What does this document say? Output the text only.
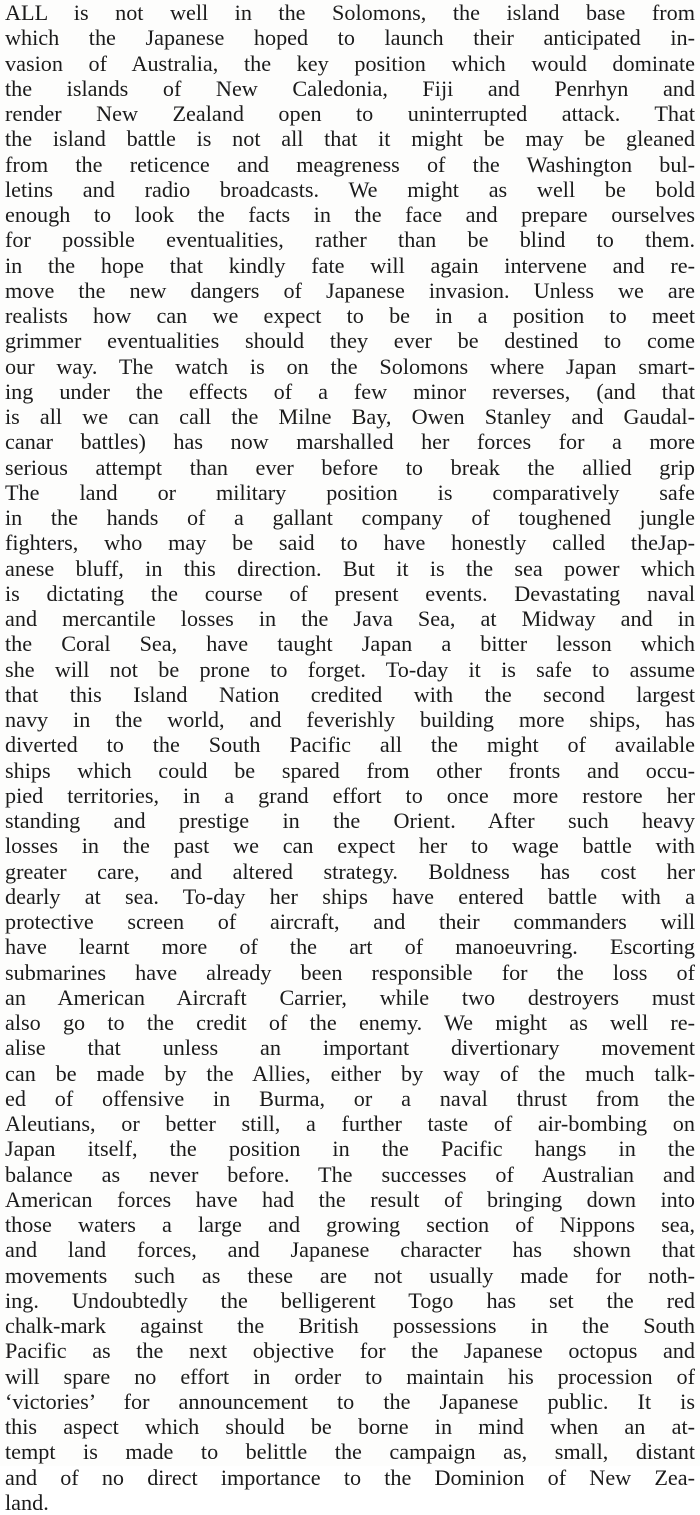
ALL is not well in the Solomons, the island base from
which the Japanese hoped to launch their anticipated in-
vasion of Australia, the key position which would dominate
the islands of New Caledonia, Fiji and Penrhyn and
render New Zealand open to uninterrupted attack. That
the island battle is not all that it might be may be gleaned
from the reticence and meagreness of the Washington bul-
letins and radio broadcasts. We might as well be bold
enough to look the facts in the face and prepare ourselves
for possible eventualities, rather than be blind to them.
in the hope that kindly fate will again intervene and re-
move the new dangers of Japanese invasion. Unless we are
realists how can we expect to be in a position to meet
grimmer eventualities should they ever be destined to come
our way. The watch is on the Solomons where Japan smart-
ing under the effects of a few minor reverses, (and that
is all we can call the Milne Bay, Owen Stanley and Gaudal-
canar battles) has now marshalled her forces for a more
serious attempt than ever before to break the allied grip
The land or military position is comparatively safe
in the hands of a gallant company of toughened jungle
fighters, who may be said to have honestly called theJap-
anese bluff, in this direction. But it is the sea power which
is dictating the course of present events. Devastating naval
and mercantile losses in the Java Sea, at Midway and in
the Coral Sea, have taught Japan a bitter lesson which
she will not be prone to forget. To-day it is safe to assume
that this Island Nation credited with the second largest
navy in the world, and feverishly building more ships, has
diverted to the South Pacific all the might of available
ships which could be spared from other fronts and occu-
pied territories, in a grand effort to once more restore her
standing and prestige in the Orient. After such heavy
losses in the past we can expect her to wage battle with
greater care, and altered strategy. Boldness has cost her
dearly at sea. To-day her ships have entered battle with a
protective screen of aircraft, and their commanders will
have learnt more of the art of manoeuvring. Escorting
submarines have already been responsible for the loss of
an American Aircraft Carrier, while two destroyers must
also go to the credit of the enemy. We might as well re-
alise that unless an important divertionary movement
can be made by the Allies, either by way of the much talk-
ed of offensive in Burma, or a naval thrust from the
Aleutians, or better still, a further taste of air-bombing on
Japan itself, the position in the Pacific hangs in the
balance as never before. The successes of Australian and
American forces have had the result of bringing down into
those waters a large and growing section of Nippons sea,
and land forces, and Japanese character has shown that
movements such as these are not usually made for noth-
ing. Undoubtedly the belligerent Togo has set the red
chalk-mark against the British possessions in the South
Pacific as the next objective for the Japanese octopus and
will spare no effort in order to maintain his procession of
‘victories’ for announcement to the Japanese public. It is
this aspect which should be borne in mind when an at-
tempt is made to belittle the campaign as, small, distant
and of no direct importance to the Dominion of New Zea-
land.
